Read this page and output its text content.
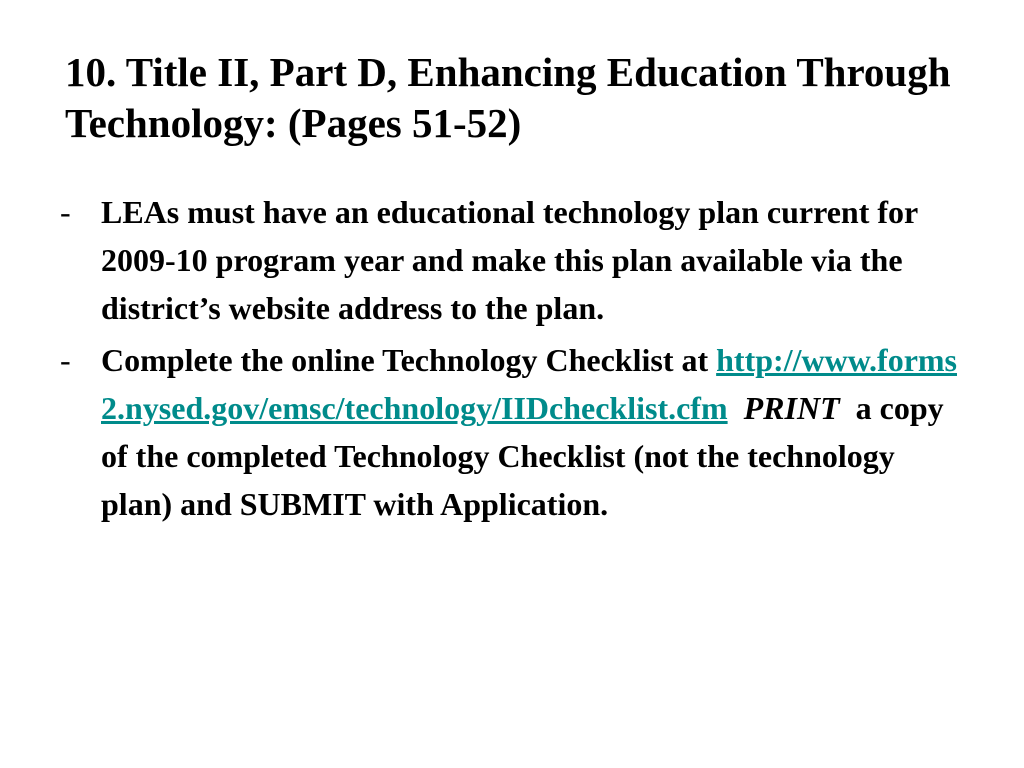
10. Title II, Part D, Enhancing Education Through Technology: (Pages 51-52)
- LEAs must have an educational technology plan current for 2009-10 program year and make this plan available via the district’s website address to the plan.
- Complete the online Technology Checklist at http://www.forms2.nysed.gov/emsc/technology/IIDchecklist.cfm PRINT a copy of the completed Technology Checklist (not the technology plan) and SUBMIT with Application.
